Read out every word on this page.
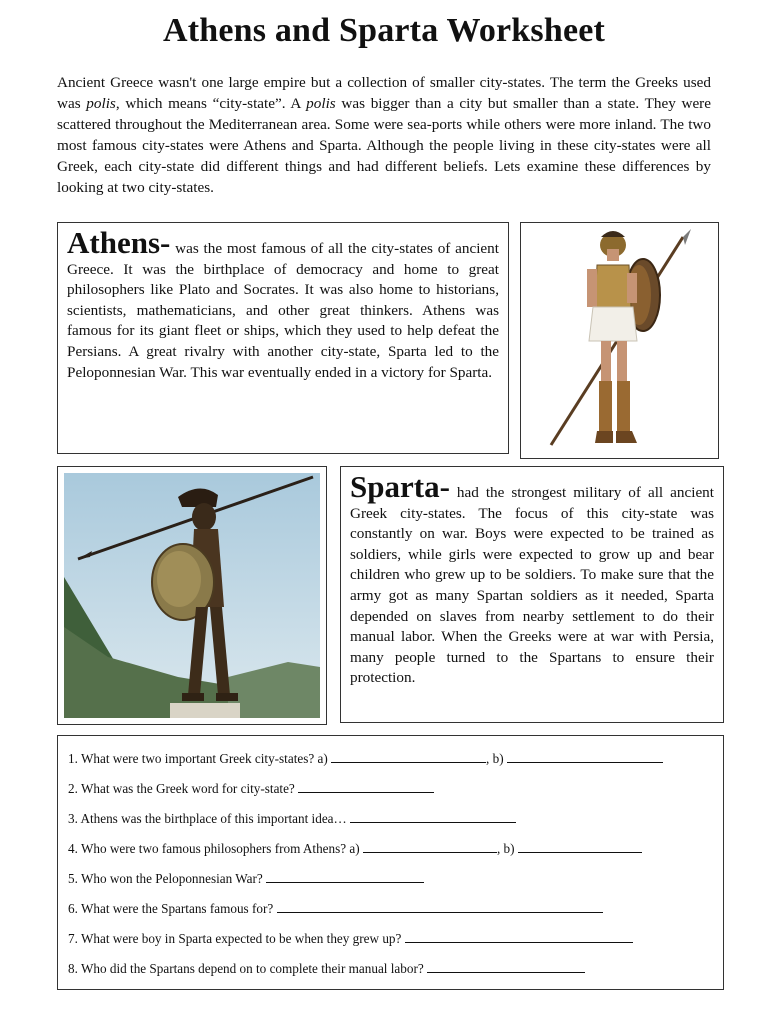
Athens and Sparta Worksheet
Ancient Greece wasn't one large empire but a collection of smaller city-states. The term the Greeks used was polis, which means “city-state”. A polis was bigger than a city but smaller than a state. They were scattered throughout the Mediterranean area. Some were sea-ports while others were more inland. The two most famous city-states were Athens and Sparta. Although the people living in these city-states were all Greek, each city-state did different things and had different beliefs. Lets examine these differences by looking at two city-states.
Athens- was the most famous of all the city-states of ancient Greece. It was the birthplace of democracy and home to great philosophers like Plato and Socrates. It was also home to historians, scientists, mathematicians, and other great thinkers. Athens was famous for its giant fleet or ships, which they used to help defeat the Persians. A great rivalry with another city-state, Sparta led to the Peloponnesian War. This war eventually ended in a victory for Sparta.
Sparta- had the strongest military of all ancient Greek city-states. The focus of this city-state was constantly on war. Boys were expected to be trained as soldiers, while girls were expected to grow up and bear children who grew up to be soldiers. To make sure that the army got as many Spartan soldiers as it needed, Sparta depended on slaves from nearby settlement to do their manual labor. When the Greeks were at war with Persia, many people turned to the Spartans to ensure their protection.
1. What were two important Greek city-states? a)	, b)
2. What was the Greek word for city-state?
3. Athens was the birthplace of this important idea…
4. Who were two famous philosophers from Athens? a)	, b)
5. Who won the Peloponnesian War?
6. What were the Spartans famous for?
7. What were boy in Sparta expected to be when they grew up?
8. Who did the Spartans depend on to complete their manual labor?
